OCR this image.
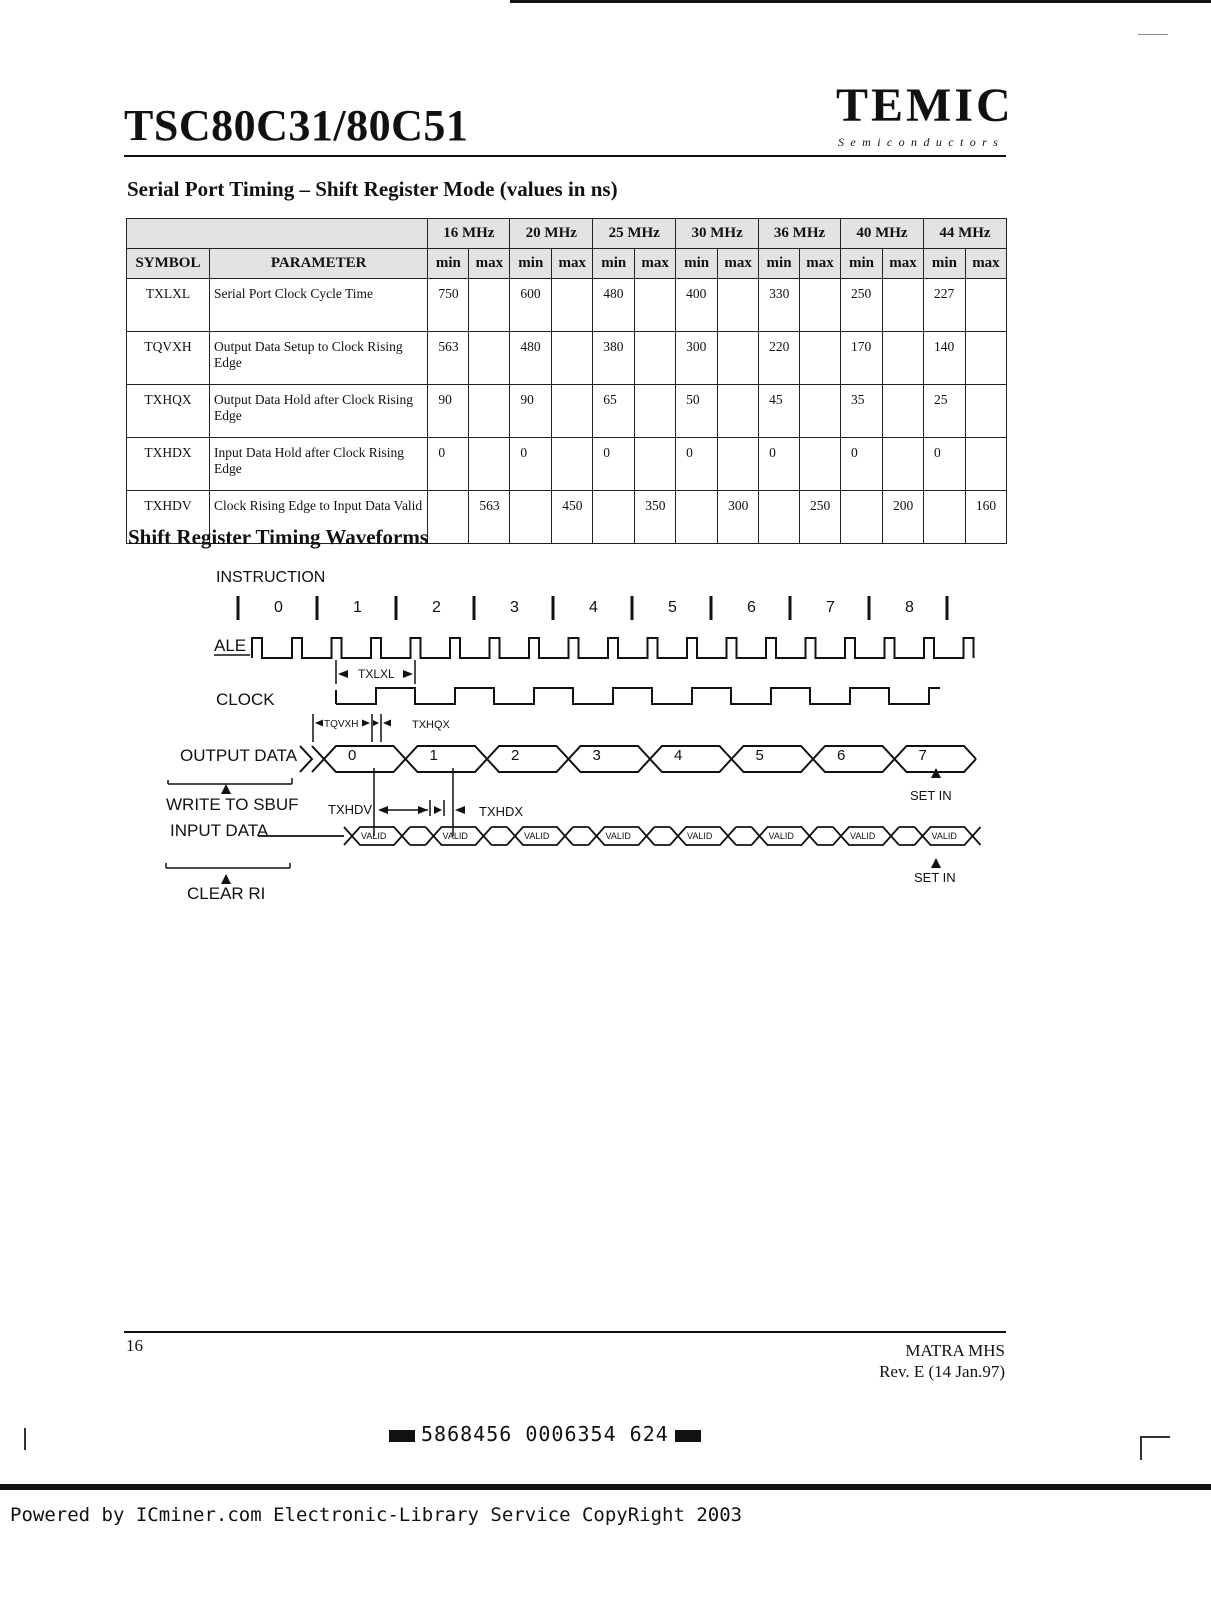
TSC80C31/80C51	TEMIC
Semiconductors
Serial Port Timing – Shift Register Mode (values in ns)
		16 MHz		20 MHz		25 MHz		30 MHz		36 MHz		40 MHz		44 MHz	
SYMBOL	PARAMETER	min	max	min	max	min	max	min	max	min	max	min	max	min	max
TXLXL	Serial Port Clock Cycle Time	750		600		480		400		330		250		227	
TQVXH	Output Data Setup to Clock Rising Edge	563		480		380		300		220		170		140	
TXHQX	Output Data Hold after Clock Rising Edge	90		90		65		50		45		35		25	
TXHDX	Input Data Hold after Clock Rising Edge	0		0		0		0		0		0		0	
TXHDV	Clock Rising Edge to Input Data Valid		563		450		350		300		250		200		160
Shift Register Timing Waveforms
INSTRUCTION
0	1	2	3	4	5	6	7	8
ALE
TXLXL
CLOCK
TQVXH	TXHQX
OUTPUT DATA	0	1	2	3	4	5	6	7
SET IN
WRITE TO SBUF TXHDV	TXHDX
INPUT DATA	VALID	VALID	VALID	VALID	VALID	VALID	VALID	VALID
CLEAR RI
SET IN
16	MATRA MHS
Rev. E (14 Jan.97)
5868456 0006354 624
Powered by ICminer.com Electronic-Library Service CopyRight 2003
